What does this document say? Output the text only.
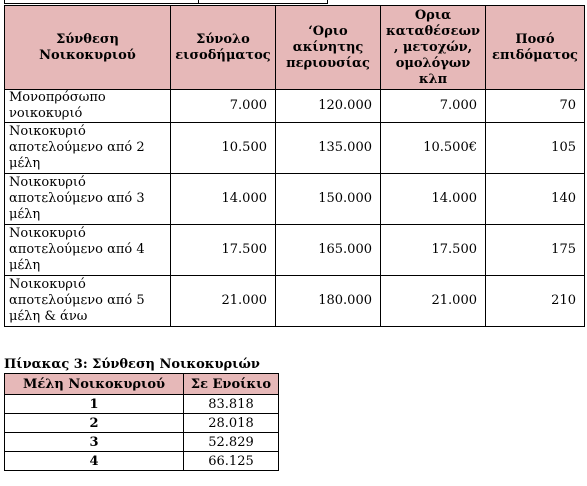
Σύνθεση Νοικοκυριού	Σύνολο εισοδήματος	‘Οριο ακίνητης περιουσίας	Ορια καταθέσεων , μετοχών, ομολόγων κλπ	Ποσό επιδόματος
Μονοπρόσωπο νοικοκυριό	7.000	120.000	7.000	70
Νοικοκυριό αποτελούμενο από 2 μέλη	10.500	135.000	10.500€	105
Νοικοκυριό αποτελούμενο από 3 μέλη	14.000	150.000	14.000	140
Νοικοκυριό αποτελούμενο από 4 μέλη	17.500	165.000	17.500	175
Νοικοκυριό αποτελούμενο από 5 μέλη & άνω	21.000	180.000	21.000	210
Πίνακας 3: Σύνθεση Νοικοκυριών
Μέλη Νοικοκυριού	Σε Ενοίκιο
1	83.818
2	28.018
3	52.829
4	66.125
